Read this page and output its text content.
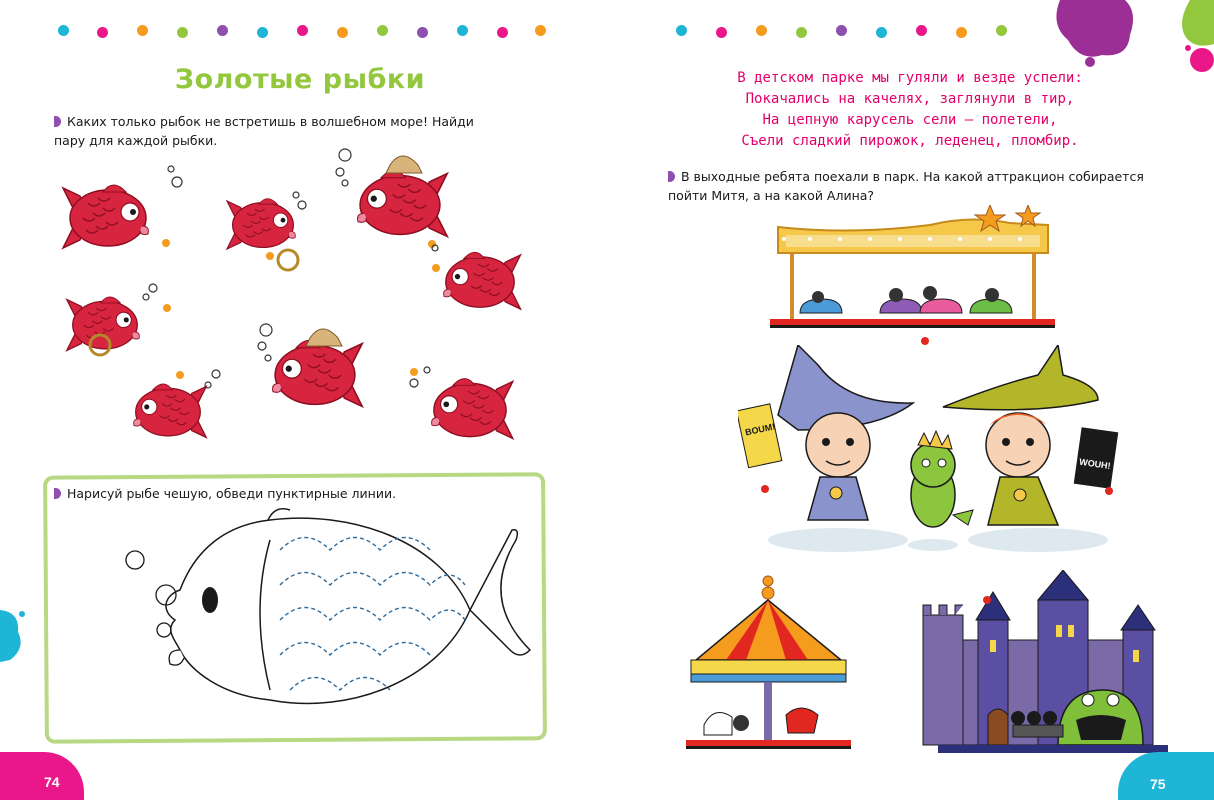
Золотые рыбки
Каких только рыбок не встретишь в волшебном море! Найди пару для каждой рыбки.
Нарисуй рыбе чешую, обведи пунктирные линии.
74
В детском парке мы гуляли и везде успели:
Покачались на качелях, заглянули в тир,
На цепную карусель сели – полетели,
Съели сладкий пирожок, леденец, пломбир.
В выходные ребята поехали в парк. На какой аттракцион собирается пойти Митя, а на какой Алина?
BOUM!
WOUH!
75
